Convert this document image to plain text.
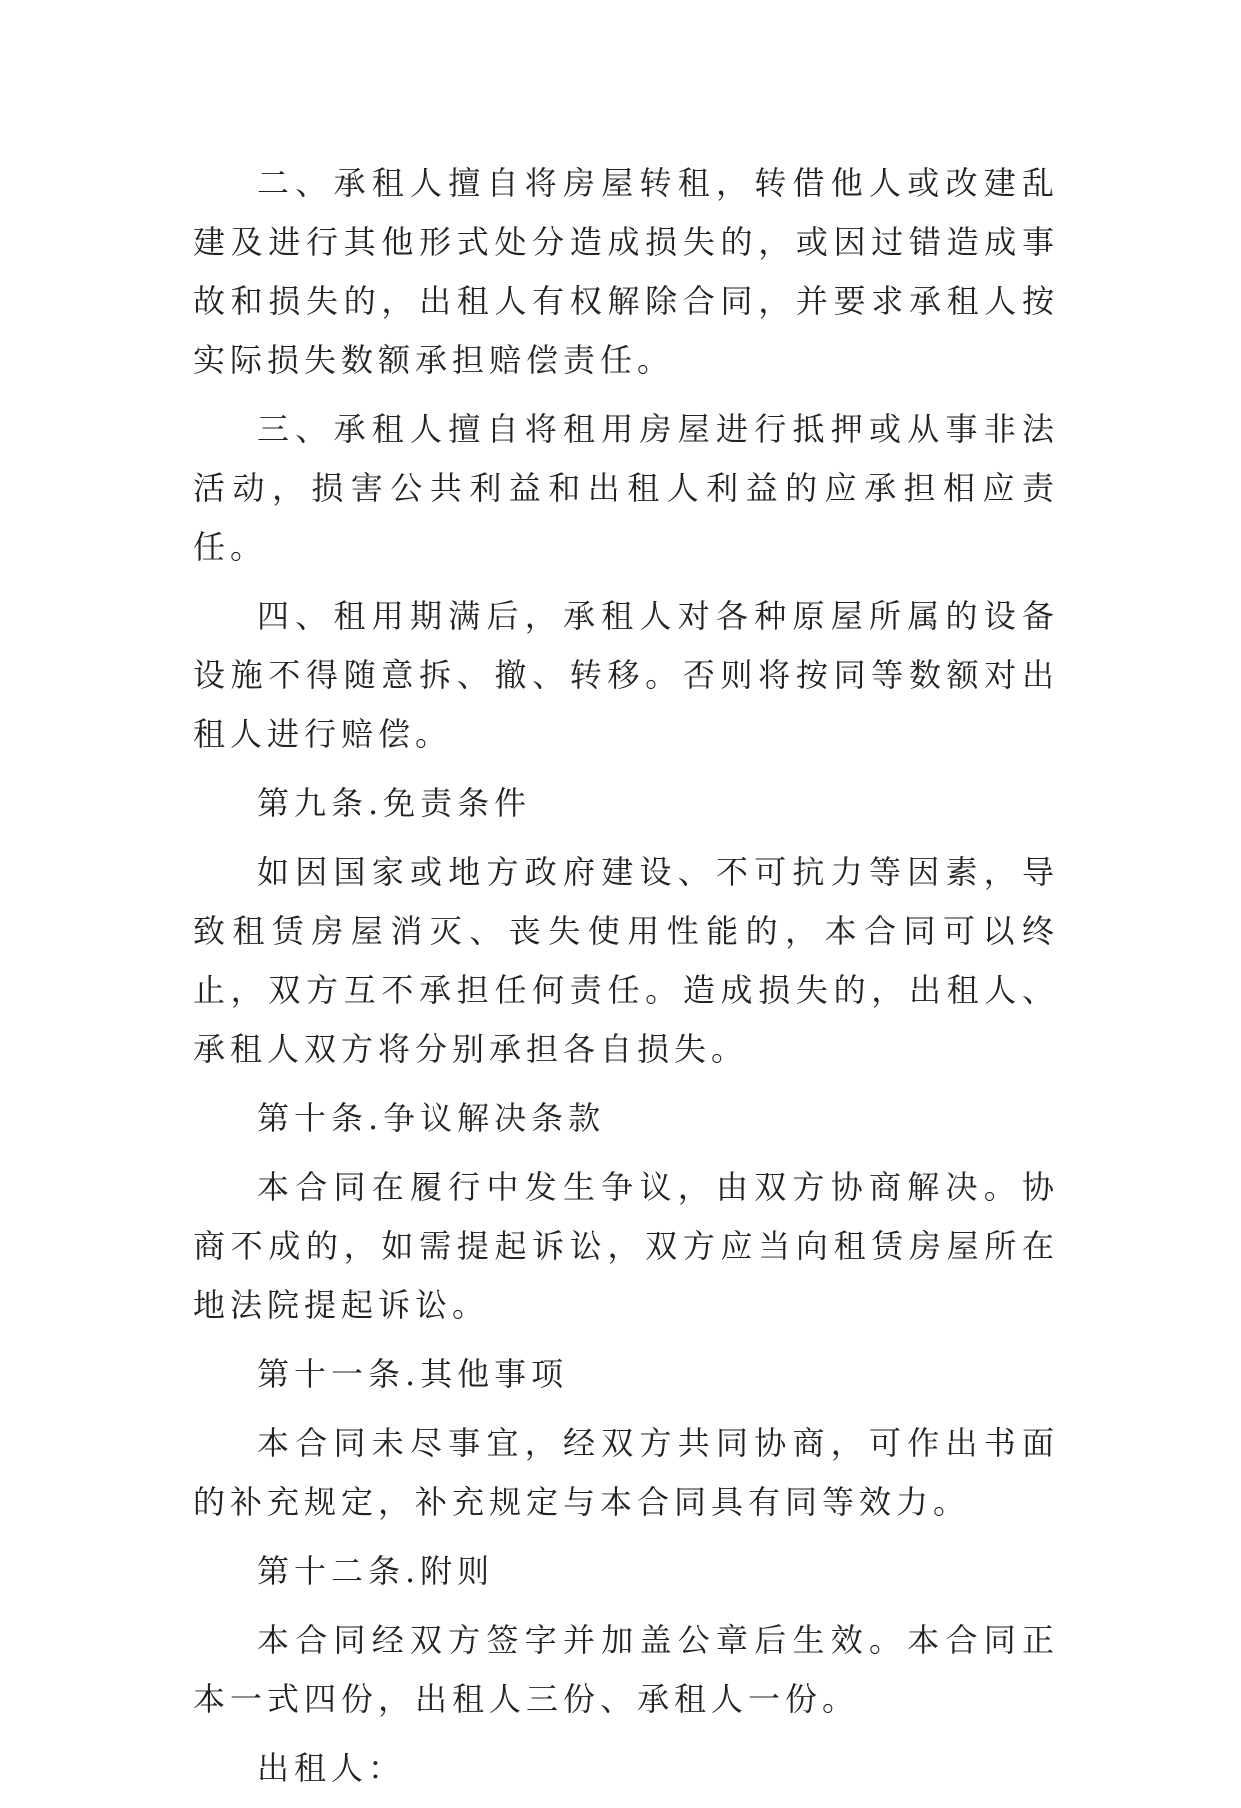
二、承租人擅自将房屋转租，转借他人或改建乱建及进行其他形式处分造成损失的，或因过错造成事故和损失的，出租人有权解除合同，并要求承租人按实际损失数额承担赔偿责任。

三、承租人擅自将租用房屋进行抵押或从事非法活动，损害公共利益和出租人利益的应承担相应责任。

四、租用期满后，承租人对各种原屋所属的设备设施不得随意拆、撤、转移。否则将按同等数额对出租人进行赔偿。

第九条.免责条件

如因国家或地方政府建设、不可抗力等因素，导致租赁房屋消灭、丧失使用性能的，本合同可以终止，双方互不承担任何责任。造成损失的，出租人、承租人双方将分别承担各自损失。

第十条.争议解决条款

本合同在履行中发生争议，由双方协商解决。协商不成的，如需提起诉讼，双方应当向租赁房屋所在地法院提起诉讼。

第十一条.其他事项

本合同未尽事宜，经双方共同协商，可作出书面的补充规定，补充规定与本合同具有同等效力。

第十二条.附则

本合同经双方签字并加盖公章后生效。本合同正本一式四份，出租人三份、承租人一份。

出租人：
